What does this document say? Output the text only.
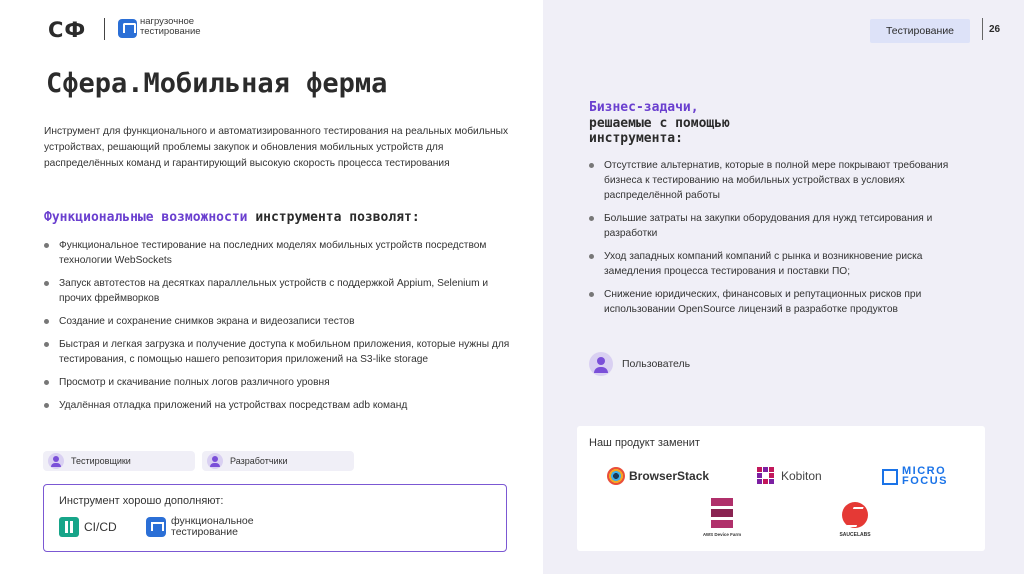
СФ	нагрузочное
тестирование
Сфера.Мобильная ферма
Инструмент для функционального и автоматизированного тестирования на реальных мобильных устройствах, решающий проблемы закупок и обновления мобильных устройств для распределённых команд и гарантирующий высокую скорость процесса тестирования
Функциональные возможности инструмента позволят:
Функциональное тестирование на последних моделях мобильных устройств посредством технологии WebSockets
Запуск автотестов на десятках параллельных устройств с поддержкой Appium, Selenium и прочих фреймворков
Создание и сохранение снимков экрана и видеозаписи тестов
Быстрая и легкая загрузка и получение доступа к мобильном приложения, которые нужны для тестирования, с помощью нашего репозитория приложений на S3-like storage
Просмотр и скачивание полных логов различного уровня
Удалённая отладка приложений на устройствах посредствам adb команд
Тестировщики	Разработчики
Инструмент хорошо дополняют:
CI/CD	функциональное
тестирование
Тестирование	26
Бизнес-задачи,
решаемые с помощью инструмента:
Отсутствие альтернатив, которые в полной мере покрывают требования бизнеса к тестированию на мобильных устройствах в условиях распределённой работы
Большие затраты на закупки оборудования для нужд тетсирования и разработки
Уход западных компаний компаний с рынка и возникновение риска замедления процесса тестирования и поставки ПО;
Снижение юридических, финансовых и репутационных рисков при использовании OpenSource лицензий в разработке продуктов
Пользователь
Наш продукт заменит
BrowserStack	Kobiton	MICRO
FOCUS
AWS Device Farm	SAUCELABS
